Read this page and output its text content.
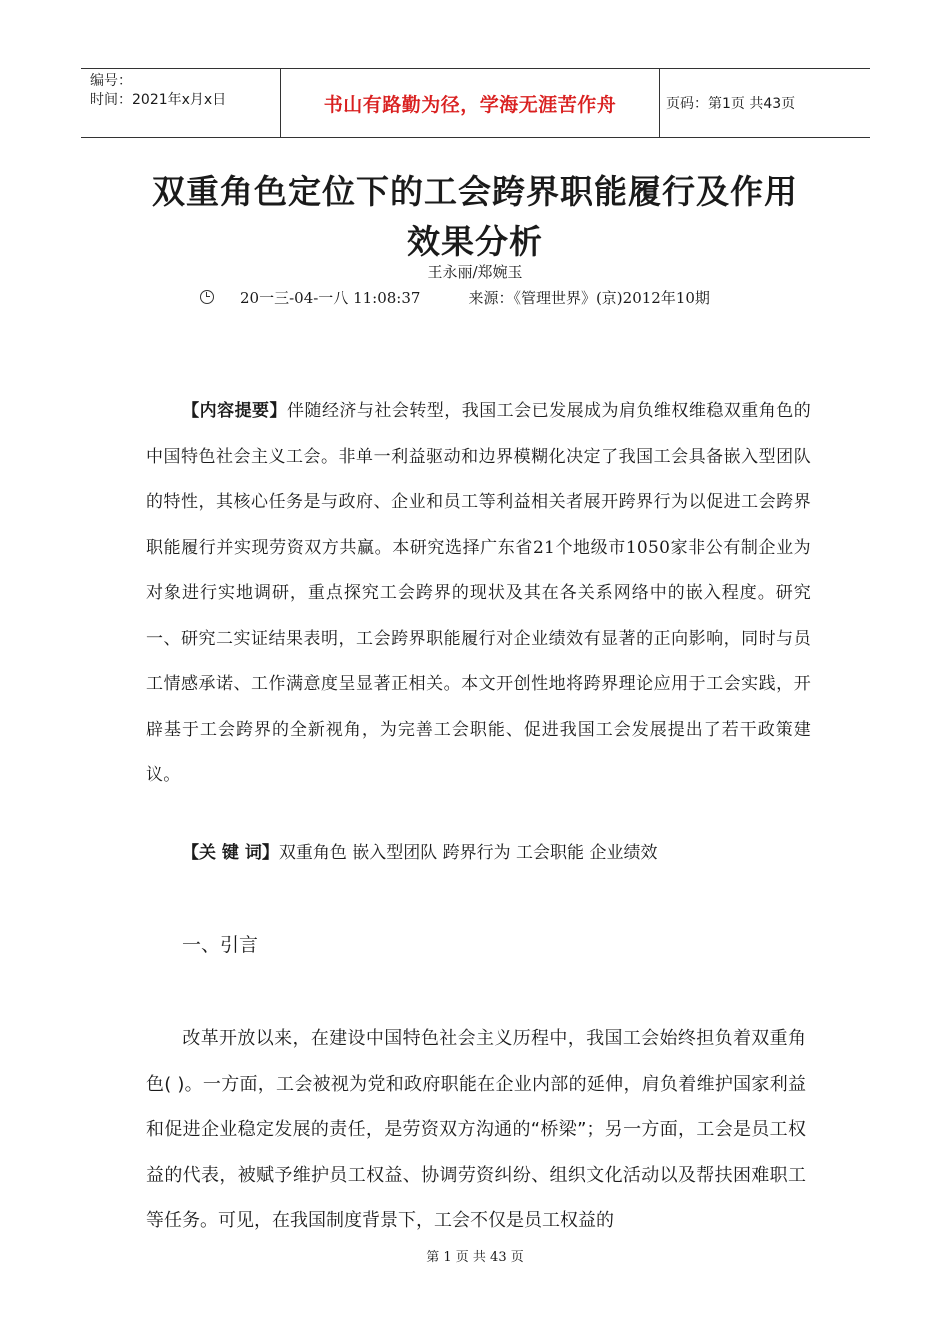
编号：
时间：2021年x月x日	书山有路勤为径，学海无涯苦作舟	页码：第1页 共43页
双重角色定位下的工会跨界职能履行及作用
效果分析
王永丽/郑婉玉
20一三-04-一八 11:08:37	来源：《管理世界》(京)2012年10期
【内容提要】伴随经济与社会转型，我国工会已发展成为肩负维权维稳双重角色的中国特色社会主义工会。非单一利益驱动和边界模糊化决定了我国工会具备嵌入型团队的特性，其核心任务是与政府、企业和员工等利益相关者展开跨界行为以促进工会跨界职能履行并实现劳资双方共赢。本研究选择广东省21个地级市1050家非公有制企业为对象进行实地调研，重点探究工会跨界的现状及其在各关系网络中的嵌入程度。研究一、研究二实证结果表明，工会跨界职能履行对企业绩效有显著的正向影响，同时与员工情感承诺、工作满意度呈显著正相关。本文开创性地将跨界理论应用于工会实践，开辟基于工会跨界的全新视角，为完善工会职能、促进我国工会发展提出了若干政策建议。
【关 键 词】双重角色 嵌入型团队 跨界行为 工会职能 企业绩效
一、引言
改革开放以来，在建设中国特色社会主义历程中，我国工会始终担负着双重角色( )。一方面，工会被视为党和政府职能在企业内部的延伸，肩负着维护国家利益和促进企业稳定发展的责任，是劳资双方沟通的“桥梁”；另一方面，工会是员工权益的代表，被赋予维护员工权益、协调劳资纠纷、组织文化活动以及帮扶困难职工等任务。可见，在我国制度背景下，工会不仅是员工权益的
第 1 页 共 43 页
